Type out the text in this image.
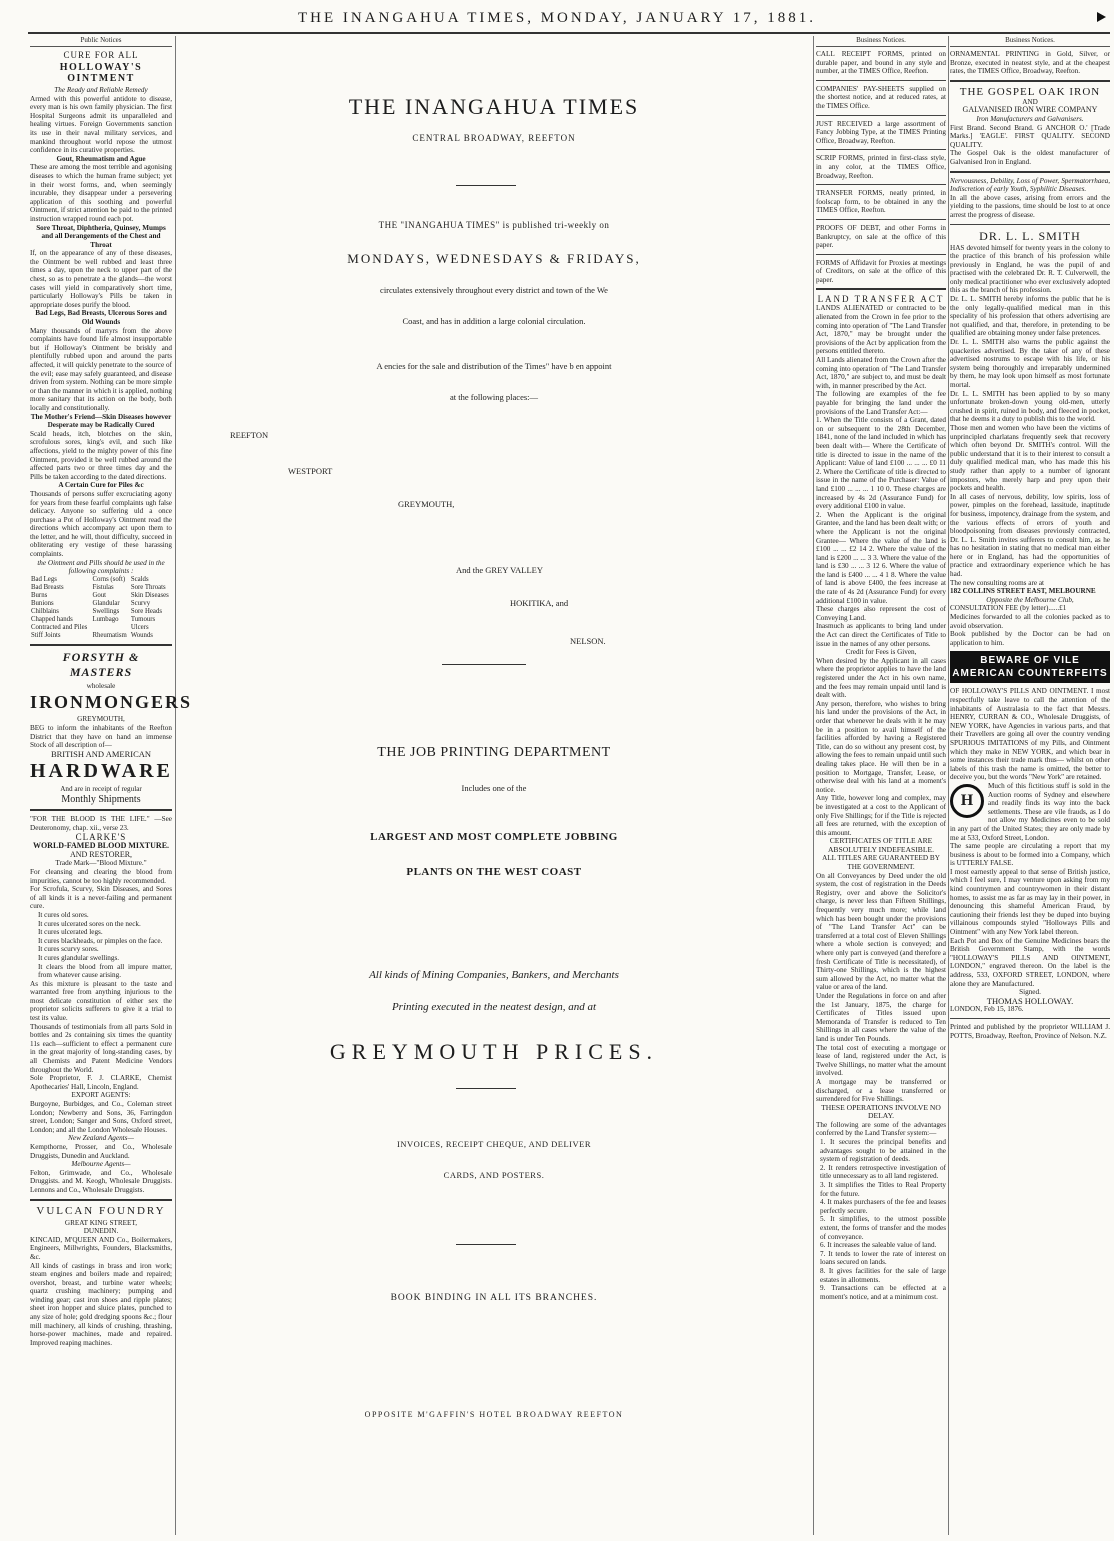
THE INANGAHUA TIMES, MONDAY, JANUARY 17, 1881.
Public Notices
CURE FOR ALL
HOLLOWAY'S OINTMENT
The Ready and Reliable Remedy
Armed with this powerful antidote to disease, every man is his own family physician. The first Hospital Surgeons admit its unparalleled and healing virtues. Foreign Governments sanction its use in their naval military services, and mankind throughout world repose the utmost confidence in its curative properties.
Gout, Rheumatism and Ague
These are among the most terrible and agonising diseases to which the human frame subject; yet in their worst forms, and, when seemingly incurable, they disappear under a persevering application of this soothing and powerful Ointment, if strict attention be paid to the printed instruction wrapped round each pot.
Sore Throat, Diphtheria, Quinsey, Mumps and all Derangements of the Chest and Throat
If, on the appearance of any of these diseases, the Ointment be well rubbed and least three times a day, upon the neck to upper part of the chest, so as to penetrate a the glands—the worst cases will yield in comparatively short time, particularly Holloway's Pills be taken in appropriate doses purify the blood.
Bad Legs, Bad Breasts, Ulcerous Sores and Old Wounds
Many thousands of martyrs from the above complaints have found life almost insupportable but if Holloway's Ointment be briskly and plentifully rubbed upon and around the parts affected, it will quickly penetrate to the source of the evil; ease may safely guaranteed, and disease driven from system. Nothing can be more simple or than the manner in which it is applied, nothing more sanitary that its action on the body, both locally and constitutionally.
The Mother's Friend—Skin Diseases however Desperate may be Radically Cured
Scald heads, itch, blotches on the skin, scrofulous sores, king's evil, and such like affections, yield to the mighty power of this fine Ointment, provided it be well rubbed around the affected parts two or three times day and the Pills be taken according to the dated directions.
A Certain Cure for Piles &c
Thousands of persons suffer excruciating agony for years from these fearful complaints ugh false delicacy. Anyone so suffering uld a once purchase a Pot of Holloway's Ointment read the directions which accompany act upon them to the letter, and he will, thout difficulty, succeed in obliterating ery vestige of these harassing complaints.
the Ointment and Pills should be used in the following complaints :
Bad Legs	Corns (soft)	Scalds
Bad Breasts	Fistulas	Sore Throats
Burns	Gout	Skin Diseases
Bunions	Glandular	Scurvy
Chilblains	Swellings	Sore Heads
Chapped hands	Lumbago	Tumours
Contracted and Piles		Ulcers
Stiff Joints	Rheumatism	Wounds
FORSYTH & MASTERS
wholesale
IRONMONGERS
GREYMOUTH,
BEG to inform the inhabitants of the Reefton District that they have on hand an immense Stock of all description of—
BRITISH AND AMERICAN
HARDWARE
And are in receipt of regular
Monthly Shipments
"FOR THE BLOOD IS THE LIFE." —See Deuteronomy, chap. xii., verse 23.
CLARKE'S
WORLD-FAMED BLOOD MIXTURE.
AND RESTORER,
Trade Mark—"Blood Mixture."
For cleansing and clearing the blood from impurities, cannot be too highly recommended.
For Scrofula, Scurvy, Skin Diseases, and Sores of all kinds it is a never-failing and permanent cure.
It cures old sores.
It cures ulcerated sores on the neck.
It cures ulcerated legs.
It cures blackheads, or pimples on the face.
It cures scurvy sores.
It cures glandular swellings.
It clears the blood from all impure matter, from whatever cause arising.
As this mixture is pleasant to the taste and warranted free from anything injurious to the most delicate constitution of either sex the proprietor solicits sufferers to give it a trial to test its value.
Thousands of testimonials from all parts Sold in bottles and 2s containing six times the quantity 11s each—sufficient to effect a permanent cure in the great majority of long-standing cases, by all Chemists and Patent Medicine Vendors throughout the World.
Sole Proprietor, F. J. CLARKE, Chemist Apothecaries' Hall, Lincoln, England.
EXPORT AGENTS:
Burgoyne, Burbidges, and Co., Coleman street London; Newberry and Sons, 36, Farringdon street, London; Sanger and Sons, Oxford street, London; and all the London Wholesale Houses.
New Zealand Agents—
Kempthorne, Prosser, and Co., Wholesale Druggists, Dunedin and Auckland.
Melbourne Agents—
Felton, Grimwade, and Co., Wholesale Druggists. and M. Keogh, Wholesale Druggists. Lennons and Co., Wholesale Druggists.
VULCAN FOUNDRY
GREAT KING STREET,
DUNEDIN.
KINCAID, M'QUEEN AND Co., Boilermakers, Engineers, Millwrights, Founders, Blacksmiths, &c.
All kinds of castings in brass and iron work; steam engines and boilers made and repaired; overshot, breast, and turbine water wheels; quartz crushing machinery; pumping and winding gear; cast iron shoes and ripple plates; sheet iron hopper and sluice plates, punched to any size of hole; gold dredging spoons &c.; flour mill machinery, all kinds of crushing, thrashing, horse-power machines, made and repaired. Improved reaping machines.
THE INANGAHUA TIMES
CENTRAL BROADWAY, REEFTON
THE "INANGAHUA TIMES" is published tri-weekly on
MONDAYS, WEDNESDAYS & FRIDAYS,
circulates extensively throughout every district and town of the We
Coast, and has in addition a large colonial circulation.
A encies for the sale and distribution of the Times" have b en appoint
at the following places:—
REEFTON
WESTPORT
GREYMOUTH,
And the GREY VALLEY
HOKITIKA, and
NELSON.
THE JOB PRINTING DEPARTMENT
Includes one of the
LARGEST AND MOST COMPLETE JOBBING
PLANTS ON THE WEST COAST
All kinds of Mining Companies, Bankers, and Merchants
Printing executed in the neatest design, and at
GREYMOUTH PRICES.
INVOICES, RECEIPT CHEQUE, AND DELIVER
CARDS, AND POSTERS.
BOOK BINDING IN ALL ITS BRANCHES.
OPPOSITE M'GAFFIN'S HOTEL BROADWAY REEFTON
Business Notices.
CALL RECEIPT FORMS, printed on durable paper, and bound in any style and number, at the TIMES Office, Reefton.
COMPANIES' PAY-SHEETS supplied on the shortest notice, and at reduced rates, at the TIMES Office.
JUST RECEIVED a large assortment of Fancy Jobbing Type, at the TIMES Printing Office, Broadway, Reefton.
SCRIP FORMS, printed in first-class style, in any color, at the TIMES Office, Broadway, Reefton.
TRANSFER FORMS, neatly printed, in foolscap form, to be obtained in any the TIMES Office, Reefton.
PROOFS OF DEBT, and other Forms in Bankruptcy, on sale at the office of this paper.
FORMS of Affidavit for Proxies at meetings of Creditors, on sale at the office of this paper.
LAND TRANSFER ACT
LANDS ALIENATED or contracted to be alienated from the Crown in fee prior to the coming into operation of "The Land Transfer Act, 1870," may be brought under the provisions of the Act by application from the persons entitled thereto.
All Lands alienated from the Crown after the coming into operation of "The Land Transfer Act, 1870," are subject to, and must be dealt with, in manner prescribed by the Act.
The following are examples of the fee payable for bringing the land under the provisions of the Land Transfer Act:—
1. When the Title consists of a Grant, dated on or subsequent to the 28th December, 1841, none of the land included in which has been dealt with— Where the Certificate of title is directed to issue in the name of the Applicant: Value of land £100 ... ... ... £0 11 2. Where the Certificate of title is directed to issue in the name of the Purchaser: Value of land £100 ... ... ... 1 10 0. These charges are increased by 4s 2d (Assurance Fund) for every additional £100 in value.
2. When the Applicant is the original Grantee, and the land has been dealt with; or where the Applicant is not the original Grantee— Where the value of the land is £100 ... ... £2 14 2. Where the value of the land is £200 ... ... 3 3. Where the value of the land is £30 ... ... 3 12 6. Where the value of the land is £400 ... ... 4 1 8. Where the value of land is above £400, the fees increase at the rate of 4s 2d (Assurance Fund) for every additional £100 in value.
These charges also represent the cost of Conveying Land.
Inasmuch as applicants to bring land under the Act can direct the Certificates of Title to issue in the names of any other persons.
Credit for Fees is Given,
When desired by the Applicant in all cases where the proprietor applies to have the land registered under the Act in his own name, and the fees may remain unpaid until land is dealt with.
Any person, therefore, who wishes to bring his land under the provisions of the Act, in order that whenever he deals with it he may be in a position to avail himself of the facilities afforded by having a Registered Title, can do so without any present cost, by allowing the fees to remain unpaid until such dealing takes place. He will then be in a position to Mortgage, Transfer, Lease, or otherwise deal with his land at a moment's notice.
Any Title, however long and complex, may be investigated at a cost to the Applicant of only Five Shillings; for if the Title is rejected all fees are returned, with the exception of this amount.
CERTIFICATES OF TITLE ARE ABSOLUTELY INDEFEASIBLE.
ALL TITLES ARE GUARANTEED BY THE GOVERNMENT.
On all Conveyances by Deed under the old system, the cost of registration in the Deeds Registry, over and above the Solicitor's charge, is never less than Fifteen Shillings, frequently very much more; while land which has been bought under the provisions of "The Land Transfer Act" can be transferred at a total cost of Eleven Shillings where a whole section is conveyed; and where only part is conveyed (and therefore a fresh Certificate of Title is necessitated), of Thirty-one Shillings, which is the highest sum allowed by the Act, no matter what the value or area of the land.
Under the Regulations in force on and after the 1st January, 1875, the charge for Certificates of Titles issued upon Memoranda of Transfer is reduced to Ten Shillings in all cases where the value of the land is under Ten Pounds.
The total cost of executing a mortgage or lease of land, registered under the Act, is Twelve Shillings, no matter what the amount involved.
A mortgage may be transferred or discharged, or a lease transferred or surrendered for Five Shillings.
THESE OPERATIONS INVOLVE NO DELAY.
The following are some of the advantages conferred by the Land Transfer system:—
1. It secures the principal benefits and advantages sought to be attained in the system of registration of deeds.
2. It renders retrospective investigation of title unnecessary as to all land registered.
3. It simplifies the Titles to Real Property for the future.
4. It makes purchasers of the fee and leases perfectly secure.
5. It simplifies, to the utmost possible extent, the forms of transfer and the modes of conveyance.
6. It increases the saleable value of land.
7. It tends to lower the rate of interest on loans secured on lands.
8. It gives facilities for the sale of large estates in allotments.
9. Transactions can be effected at a moment's notice, and at a minimum cost.
Business Notices.
ORNAMENTAL PRINTING in Gold, Silver, or Bronze, executed in neatest style, and at the cheapest rates, the TIMES Office, Broadway, Reefton.
THE GOSPEL OAK IRON
AND
GALVANISED IRON WIRE COMPANY
Iron Manufacturers and Galvanisers.
First Brand. Second Brand. G ANCHOR O.' [Trade Marks.] 'EAGLE'. FIRST QUALITY. SECOND QUALITY.
The Gospel Oak is the oldest manufacturer of Galvanised Iron in England.
Nervousness, Debility, Loss of Power, Spermatorrhaea, Indiscretion of early Youth, Syphilitic Diseases.
In all the above cases, arising from errors and the yielding to the passions, time should be lost to at once arrest the progress of disease.
DR. L. L. SMITH
HAS devoted himself for twenty years in the colony to the practice of this branch of his profession while previously in England, he was the pupil of and practised with the celebrated Dr. R. T. Culverwell, the only medical practitioner who ever exclusively adopted this as the branch of his profession.
Dr. L. L. SMITH hereby informs the public that he is the only legally-qualified medical man in this speciality of his profession that others advertising are not qualified, and that, therefore, in pretending to be qualified are obtaining money under false pretences.
Dr. L. L. SMITH also warns the public against the quackeries advertised. By the taker of any of these advertised nostrums to escape with his life, or his system being thoroughly and irreparably undermined by them, he may look upon himself as most fortunate mortal.
Dr. L. L. SMITH has been applied to by so many unfortunate broken-down young old-men, utterly crushed in spirit, ruined in body, and fleeced in pocket, that he deems it a duty to publish this to the world.
Those men and women who have been the victims of unprincipled charlatans frequently seek that recovery which often beyond Dr. SMITH's control. Will the public understand that it is to their interest to consult a duly qualified medical man, who has made this his study rather than apply to a number of ignorant impostors, who merely harp and prey upon their pockets and health.
In all cases of nervous, debility, low spirits, loss of power, pimples on the forehead, lassitude, inaptitude for business, impotency, drainage from the system, and the various effects of errors of youth and bloodpoisoning from diseases previously contracted, Dr. L. L. Smith invites sufferers to consult him, as he has no hesitation in stating that no medical man either here or in England, has had the opportunities of practice and extraordinary experience which he has had.
The new consulting rooms are at
182 COLLINS STREET EAST, MELBOURNE
Opposite the Melbourne Club,
CONSULTATION FEE (by letter)......£1
Medicines forwarded to all the colonies packed as to avoid observation.
Book published by the Doctor can be had on application to him.
BEWARE OF VILE
AMERICAN COUNTERFEITS
OF HOLLOWAY'S PILLS AND OINTMENT. I most respectfully take leave to call the attention of the inhabitants of Australasia to the fact that Messrs. HENRY, CURRAN & CO., Wholesale Druggists, of NEW YORK, have Agencies in various parts, and that their Travellers are going all over the country vending SPURIOUS IMITATIONS of my Pills, and Ointment which they make in NEW YORK, and which bear in some instances their trade mark thus— whilst on other labels of this trash the name is omitted, the better to deceive you, but the words "New York" are retained.
H
Much of this fictitious stuff is sold in the Auction rooms of Sydney and elsewhere and readily finds its way into the back settlements. These are vile frauds, as I do not allow my Medicines even to be sold in any part of the United States; they are only made by me at 533, Oxford Street, London.
The same people are circulating a report that my business is about to be formed into a Company, which is UTTERLY FALSE.
I most earnestly appeal to that sense of British justice, which I feel sure, I may venture upon asking from my kind countrymen and countrywomen in their distant homes, to assist me as far as may lay in their power, in denouncing this shameful American Fraud, by cautioning their friends lest they be duped into buying villainous compounds styled "Holloways Pills and Ointment" with any New York label thereon.
Each Pot and Box of the Genuine Medicines bears the British Government Stamp, with the words "HOLLOWAY'S PILLS AND OINTMENT, LONDON," engraved thereon. On the label is the address, 533, OXFORD STREET, LONDON, where alone they are Manufactured.
Signed.
THOMAS HOLLOWAY.
LONDON, Feb 15, 1876.
Printed and published by the proprietor WILLIAM J. POTTS, Broadway, Reefton, Province of Nelson. N.Z.
